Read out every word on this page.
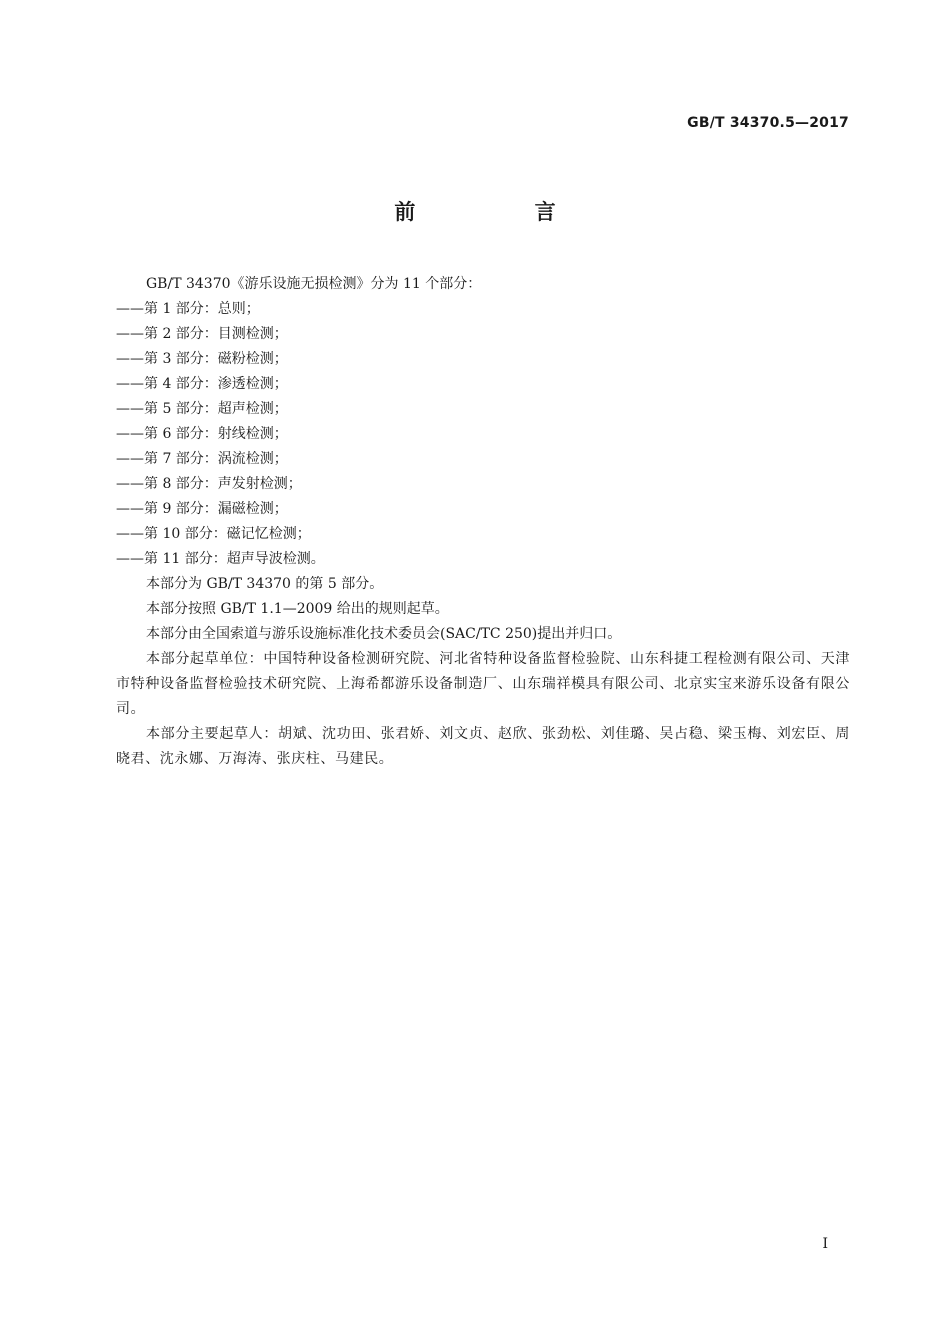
GB/T 34370.5—2017
前 言

GB/T 34370《游乐设施无损检测》分为 11 个部分：

——第 1 部分：总则；

——第 2 部分：目测检测；

——第 3 部分：磁粉检测；

——第 4 部分：渗透检测；

——第 5 部分：超声检测；

——第 6 部分：射线检测；

——第 7 部分：涡流检测；

——第 8 部分：声发射检测；

——第 9 部分：漏磁检测；

——第 10 部分：磁记忆检测；

——第 11 部分：超声导波检测。

本部分为 GB/T 34370 的第 5 部分。

本部分按照 GB/T 1.1—2009 给出的规则起草。

本部分由全国索道与游乐设施标准化技术委员会(SAC/TC 250)提出并归口。

本部分起草单位：中国特种设备检测研究院、河北省特种设备监督检验院、山东科捷工程检测有限公司、天津市特种设备监督检验技术研究院、上海希都游乐设备制造厂、山东瑞祥模具有限公司、北京实宝来游乐设备有限公司。

本部分主要起草人：胡斌、沈功田、张君娇、刘文贞、赵欣、张劲松、刘佳璐、吴占稳、梁玉梅、刘宏臣、周晓君、沈永娜、万海涛、张庆柱、马建民。

I
